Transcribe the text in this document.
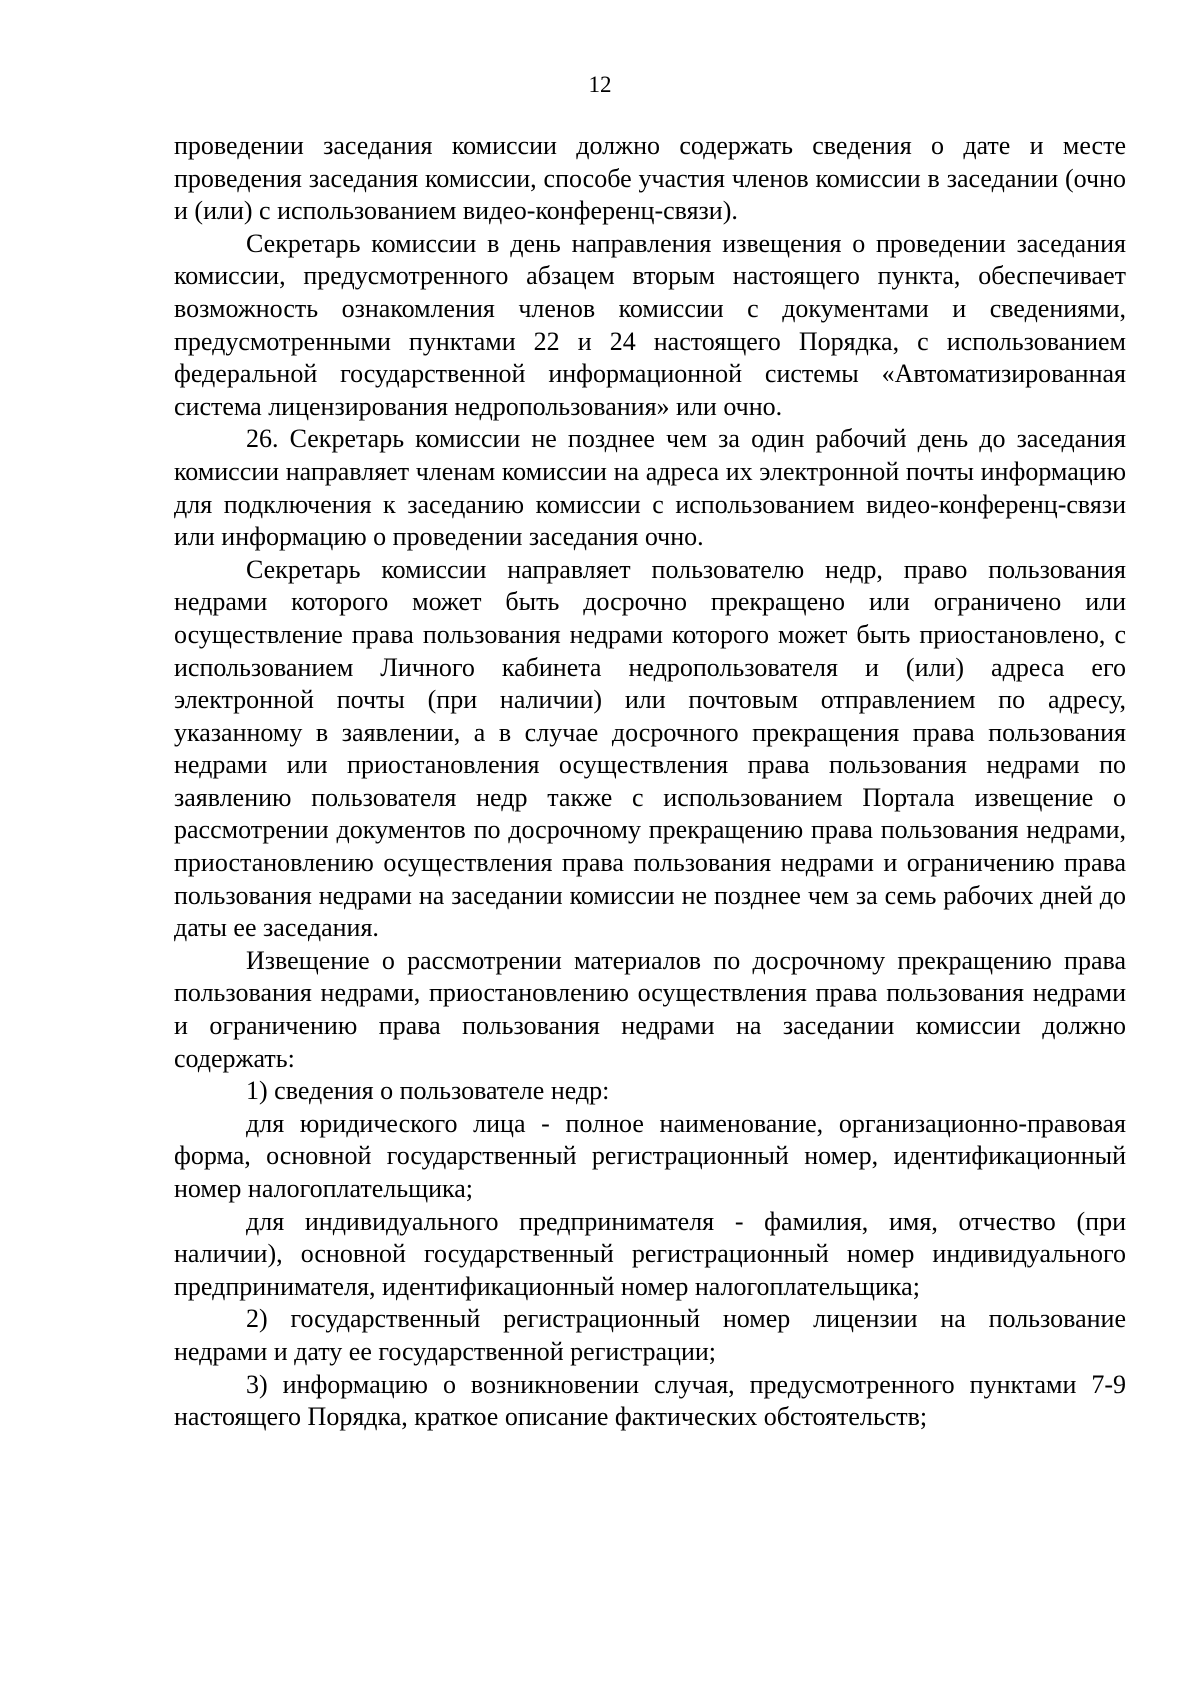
12

проведении заседания комиссии должно содержать сведения о дате и месте проведения заседания комиссии, способе участия членов комиссии в заседании (очно и (или) с использованием видео-конференц-связи).

Секретарь комиссии в день направления извещения о проведении заседания комиссии, предусмотренного абзацем вторым настоящего пункта, обеспечивает возможность ознакомления членов комиссии с документами и сведениями, предусмотренными пунктами 22 и 24 настоящего Порядка, с использованием федеральной государственной информационной системы «Автоматизированная система лицензирования недропользования» или очно.

26. Секретарь комиссии не позднее чем за один рабочий день до заседания комиссии направляет членам комиссии на адреса их электронной почты информацию для подключения к заседанию комиссии с использованием видео-конференц-связи или информацию о проведении заседания очно.

Секретарь комиссии направляет пользователю недр, право пользования недрами которого может быть досрочно прекращено или ограничено или осуществление права пользования недрами которого может быть приостановлено, с использованием Личного кабинета недропользователя и (или) адреса его электронной почты (при наличии) или почтовым отправлением по адресу, указанному в заявлении, а в случае досрочного прекращения права пользования недрами или приостановления осуществления права пользования недрами по заявлению пользователя недр также с использованием Портала извещение о рассмотрении документов по досрочному прекращению права пользования недрами, приостановлению осуществления права пользования недрами и ограничению права пользования недрами на заседании комиссии не позднее чем за семь рабочих дней до даты ее заседания.

Извещение о рассмотрении материалов по досрочному прекращению права пользования недрами, приостановлению осуществления права пользования недрами и ограничению права пользования недрами на заседании комиссии должно содержать:

1) сведения о пользователе недр:

для юридического лица - полное наименование, организационно-правовая форма, основной государственный регистрационный номер, идентификационный номер налогоплательщика;

для индивидуального предпринимателя - фамилия, имя, отчество (при наличии), основной государственный регистрационный номер индивидуального предпринимателя, идентификационный номер налогоплательщика;

2) государственный регистрационный номер лицензии на пользование недрами и дату ее государственной регистрации;

3) информацию о возникновении случая, предусмотренного пунктами 7-9 настоящего Порядка, краткое описание фактических обстоятельств;
